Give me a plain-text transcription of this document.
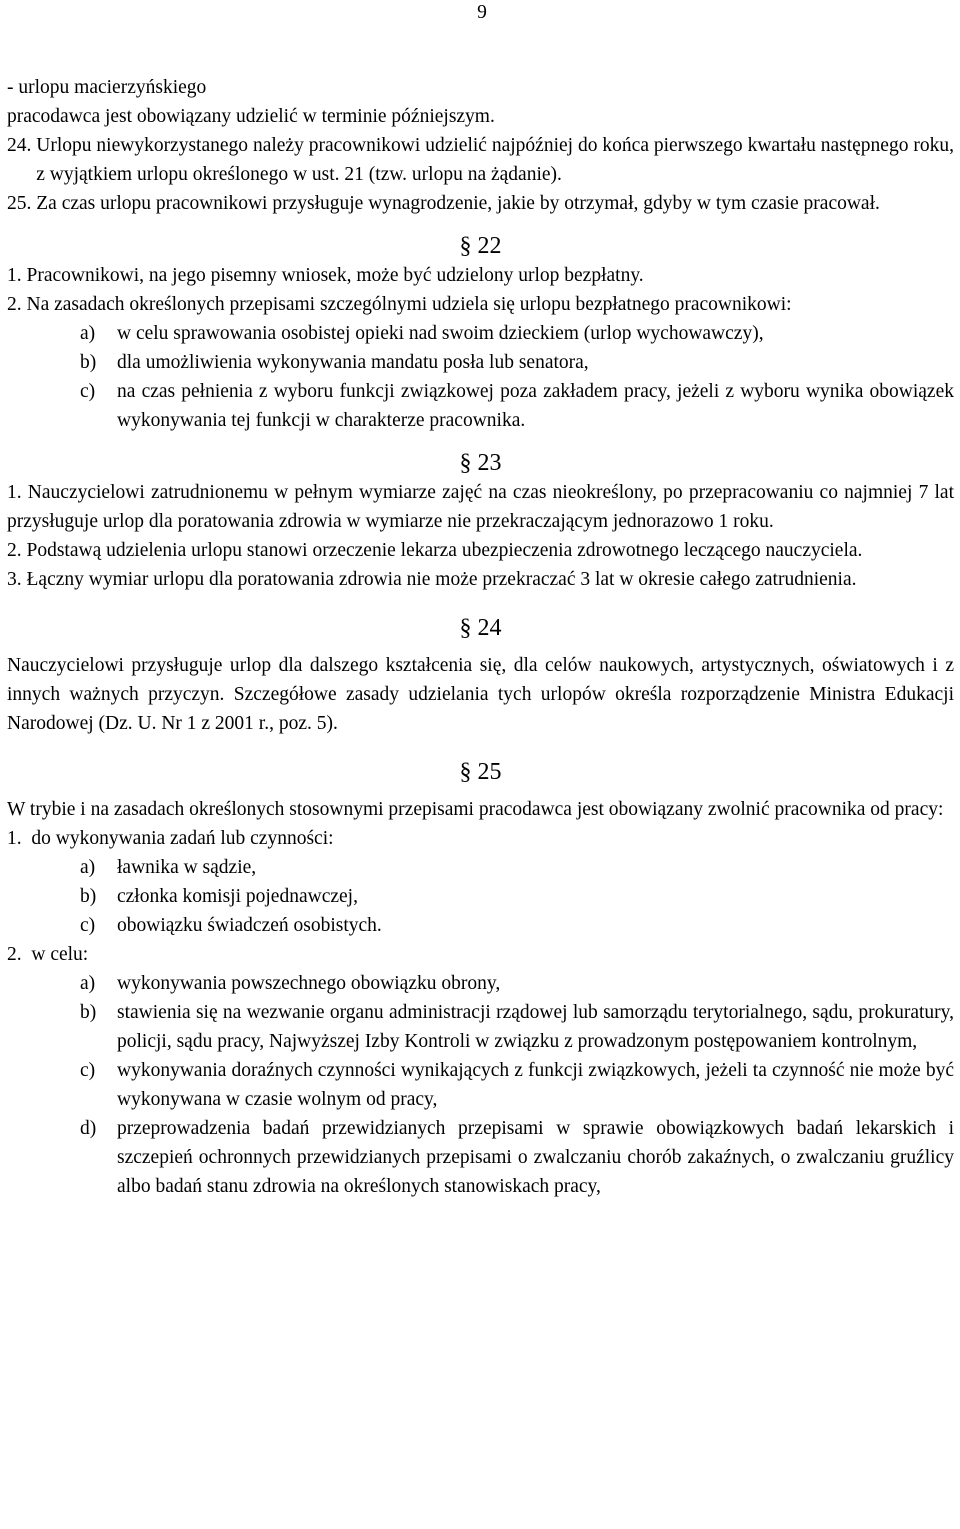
9

- urlopu macierzyńskiego

pracodawca jest obowiązany udzielić w terminie późniejszym.

24.
Urlopu niewykorzystanego należy pracownikowi udzielić najpóźniej do końca pierwszego kwartału następnego roku, z wyjątkiem urlopu określonego w ust. 21 (tzw. urlopu na żądanie).
25.
Za czas urlopu pracownikowi przysługuje wynagrodzenie, jakie by otrzymał, gdyby w tym czasie pracował.

§ 22

1. Pracownikowi, na jego pisemny wniosek, może być udzielony urlop bezpłatny.

2. Na zasadach określonych przepisami szczególnymi udziela się urlopu bezpłatnego pracownikowi:

a)	w celu sprawowania osobistej opieki nad swoim dzieckiem (urlop wychowawczy),
b)	dla umożliwienia wykonywania mandatu posła lub senatora,
c)	na czas pełnienia z wyboru funkcji związkowej poza zakładem pracy, jeżeli z wyboru wynika obowiązek wykonywania tej funkcji w charakterze pracownika.

§ 23

1. Nauczycielowi zatrudnionemu w pełnym wymiarze zajęć na czas nieokreślony, po przepracowaniu co najmniej 7 lat przysługuje urlop dla poratowania zdrowia w wymiarze nie przekraczającym jednorazowo 1 roku.

2. Podstawą udzielenia urlopu stanowi orzeczenie lekarza ubezpieczenia zdrowotnego leczącego nauczyciela.

3. Łączny wymiar urlopu dla poratowania zdrowia nie może przekraczać 3 lat w okresie całego zatrudnienia.

§ 24

Nauczycielowi przysługuje urlop dla dalszego kształcenia się, dla celów naukowych, artystycznych, oświatowych i z innych ważnych przyczyn. Szczegółowe zasady udzielania tych urlopów określa rozporządzenie Ministra Edukacji Narodowej (Dz. U. Nr 1 z 2001 r., poz. 5).

§ 25

W trybie i na zasadach określonych stosownymi przepisami pracodawca jest obowiązany zwolnić pracownika od pracy:

1.  do wykonywania zadań lub czynności:

a)	ławnika w sądzie,
b)	członka komisji pojednawczej,
c)	obowiązku świadczeń osobistych.

2.  w celu:

a)	wykonywania powszechnego obowiązku obrony,
b)	stawienia się na wezwanie organu administracji rządowej lub samorządu terytorialnego, sądu, prokuratury, policji, sądu pracy, Najwyższej Izby Kontroli w związku z prowadzonym postępowaniem kontrolnym,
c)	wykonywania doraźnych czynności wynikających z funkcji związkowych, jeżeli ta czynność nie może być wykonywana w czasie wolnym od pracy,
d)	przeprowadzenia badań przewidzianych przepisami w sprawie obowiązkowych badań lekarskich i szczepień ochronnych przewidzianych przepisami o zwalczaniu chorób zakaźnych, o zwalczaniu gruźlicy albo badań stanu zdrowia na określonych stanowiskach pracy,
